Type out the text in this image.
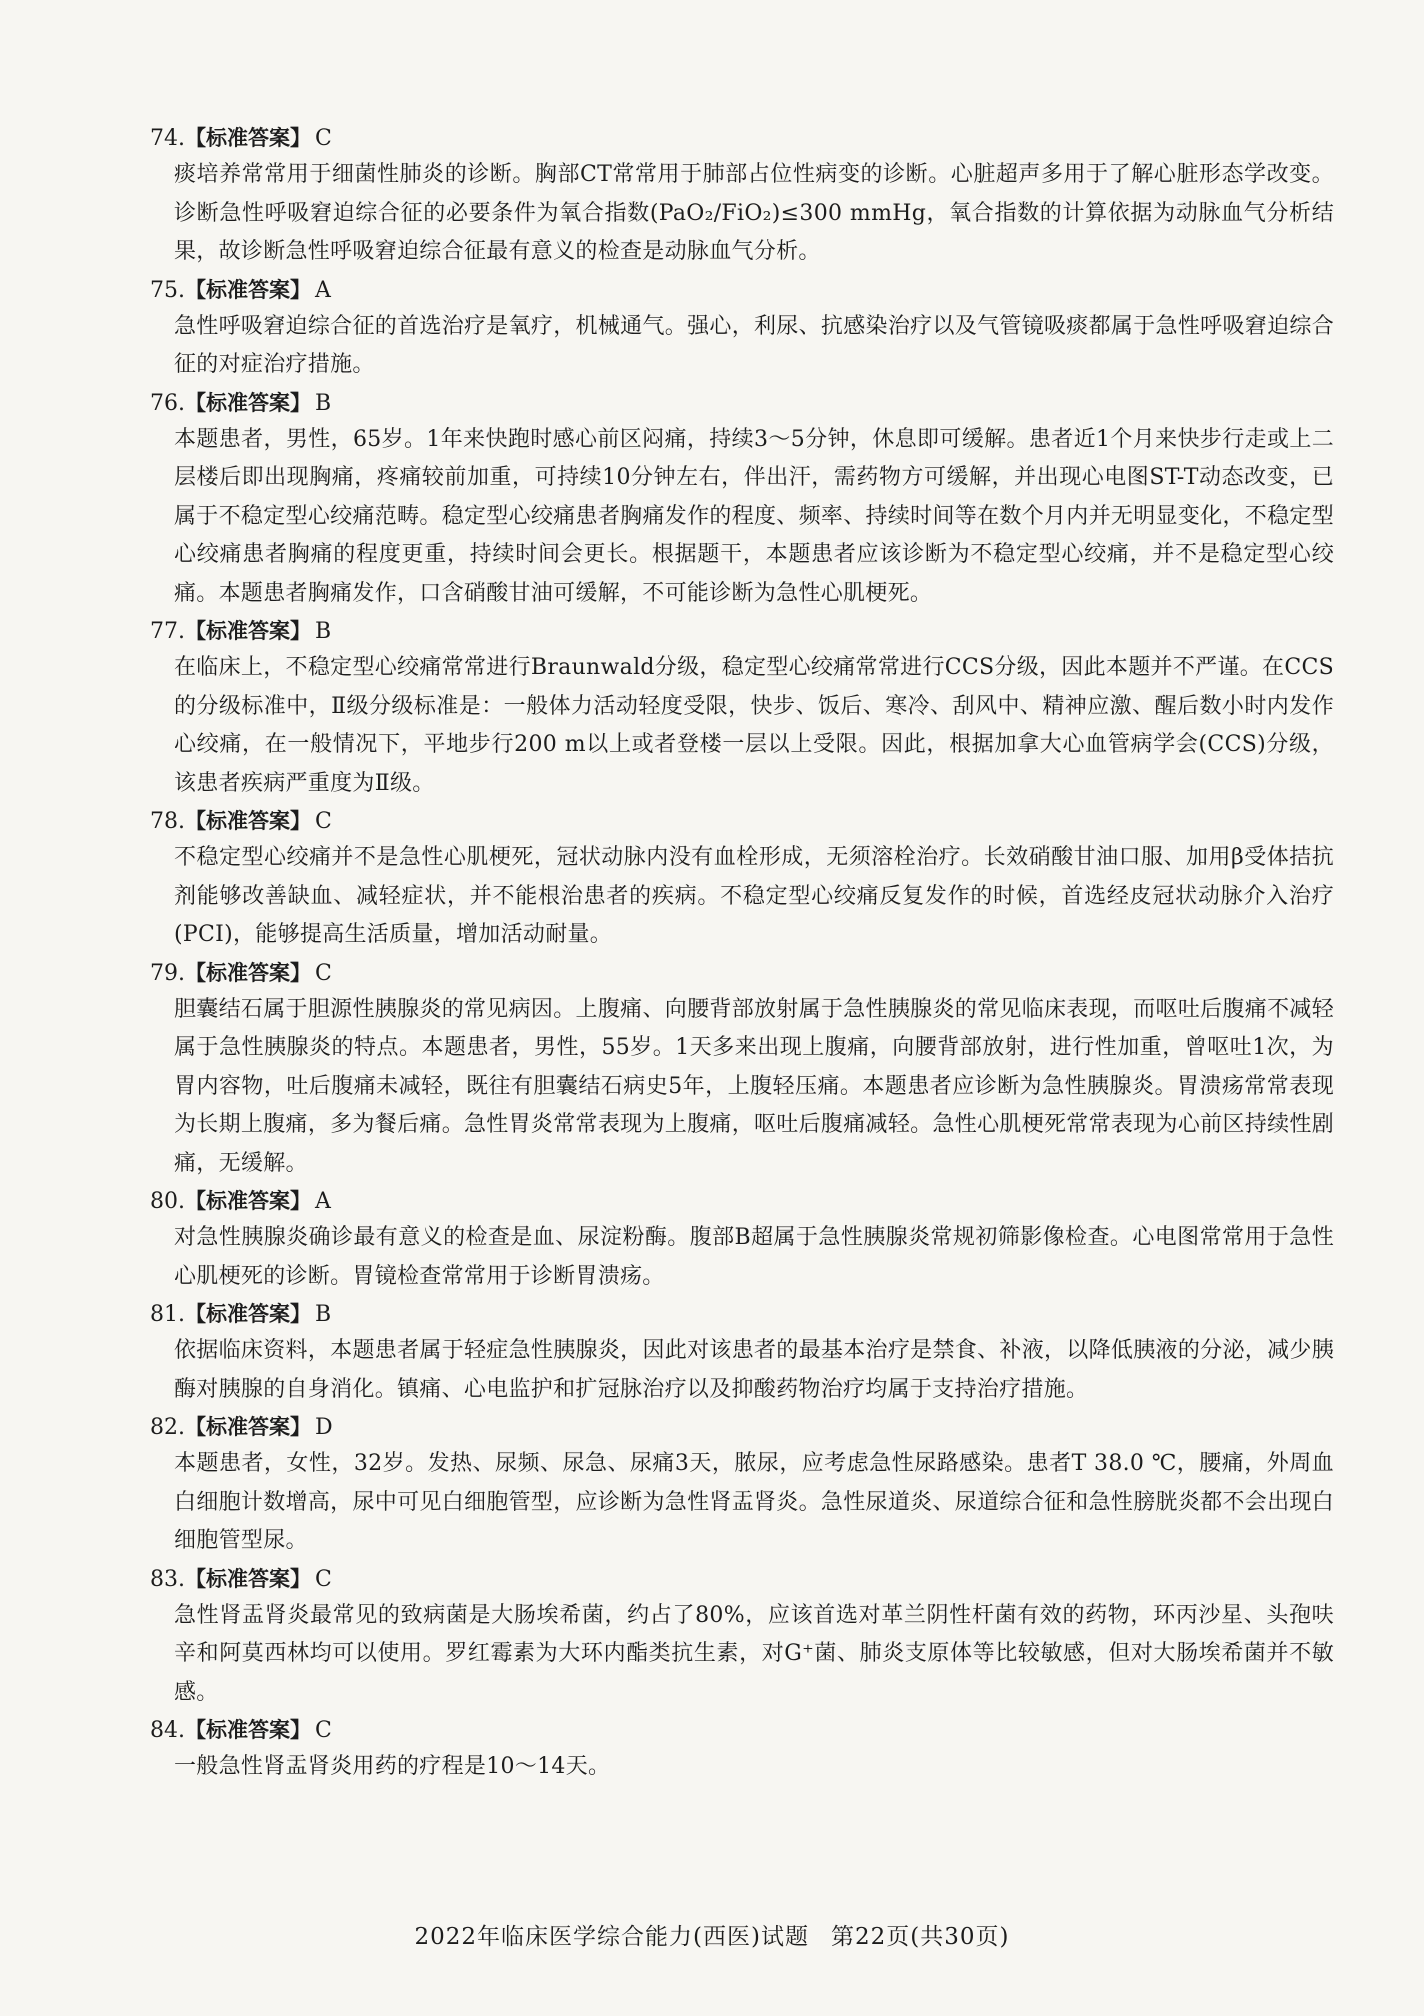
74.【标准答案】 C

痰培养常常用于细菌性肺炎的诊断。胸部CT常常用于肺部占位性病变的诊断。心脏超声多用于了解心脏形态学改变。诊断急性呼吸窘迫综合征的必要条件为氧合指数(PaO₂/FiO₂)≤300 mmHg，氧合指数的计算依据为动脉血气分析结果，故诊断急性呼吸窘迫综合征最有意义的检查是动脉血气分析。

75.【标准答案】 A

急性呼吸窘迫综合征的首选治疗是氧疗，机械通气。强心，利尿、抗感染治疗以及气管镜吸痰都属于急性呼吸窘迫综合征的对症治疗措施。

76.【标准答案】 B

本题患者，男性，65岁。1年来快跑时感心前区闷痛，持续3～5分钟，休息即可缓解。患者近1个月来快步行走或上二层楼后即出现胸痛，疼痛较前加重，可持续10分钟左右，伴出汗，需药物方可缓解，并出现心电图ST-T动态改变，已属于不稳定型心绞痛范畴。稳定型心绞痛患者胸痛发作的程度、频率、持续时间等在数个月内并无明显变化，不稳定型心绞痛患者胸痛的程度更重，持续时间会更长。根据题干，本题患者应该诊断为不稳定型心绞痛，并不是稳定型心绞痛。本题患者胸痛发作，口含硝酸甘油可缓解，不可能诊断为急性心肌梗死。

77.【标准答案】 B

在临床上，不稳定型心绞痛常常进行Braunwald分级，稳定型心绞痛常常进行CCS分级，因此本题并不严谨。在CCS的分级标准中，Ⅱ级分级标准是：一般体力活动轻度受限，快步、饭后、寒冷、刮风中、精神应激、醒后数小时内发作心绞痛，在一般情况下，平地步行200 m以上或者登楼一层以上受限。因此，根据加拿大心血管病学会(CCS)分级，该患者疾病严重度为Ⅱ级。

78.【标准答案】 C

不稳定型心绞痛并不是急性心肌梗死，冠状动脉内没有血栓形成，无须溶栓治疗。长效硝酸甘油口服、加用β受体拮抗剂能够改善缺血、减轻症状，并不能根治患者的疾病。不稳定型心绞痛反复发作的时候，首选经皮冠状动脉介入治疗(PCI)，能够提高生活质量，增加活动耐量。

79.【标准答案】 C

胆囊结石属于胆源性胰腺炎的常见病因。上腹痛、向腰背部放射属于急性胰腺炎的常见临床表现，而呕吐后腹痛不减轻属于急性胰腺炎的特点。本题患者，男性，55岁。1天多来出现上腹痛，向腰背部放射，进行性加重，曾呕吐1次，为胃内容物，吐后腹痛未减轻，既往有胆囊结石病史5年，上腹轻压痛。本题患者应诊断为急性胰腺炎。胃溃疡常常表现为长期上腹痛，多为餐后痛。急性胃炎常常表现为上腹痛，呕吐后腹痛减轻。急性心肌梗死常常表现为心前区持续性剧痛，无缓解。

80.【标准答案】 A

对急性胰腺炎确诊最有意义的检查是血、尿淀粉酶。腹部B超属于急性胰腺炎常规初筛影像检查。心电图常常用于急性心肌梗死的诊断。胃镜检查常常用于诊断胃溃疡。

81.【标准答案】 B

依据临床资料，本题患者属于轻症急性胰腺炎，因此对该患者的最基本治疗是禁食、补液，以降低胰液的分泌，减少胰酶对胰腺的自身消化。镇痛、心电监护和扩冠脉治疗以及抑酸药物治疗均属于支持治疗措施。

82.【标准答案】 D

本题患者，女性，32岁。发热、尿频、尿急、尿痛3天，脓尿，应考虑急性尿路感染。患者T 38.0 ℃，腰痛，外周血白细胞计数增高，尿中可见白细胞管型，应诊断为急性肾盂肾炎。急性尿道炎、尿道综合征和急性膀胱炎都不会出现白细胞管型尿。

83.【标准答案】 C

急性肾盂肾炎最常见的致病菌是大肠埃希菌，约占了80%，应该首选对革兰阴性杆菌有效的药物，环丙沙星、头孢呋辛和阿莫西林均可以使用。罗红霉素为大环内酯类抗生素，对G⁺菌、肺炎支原体等比较敏感，但对大肠埃希菌并不敏感。

84.【标准答案】 C

一般急性肾盂肾炎用药的疗程是10～14天。

2022年临床医学综合能力(西医)试题 第22页(共30页)
